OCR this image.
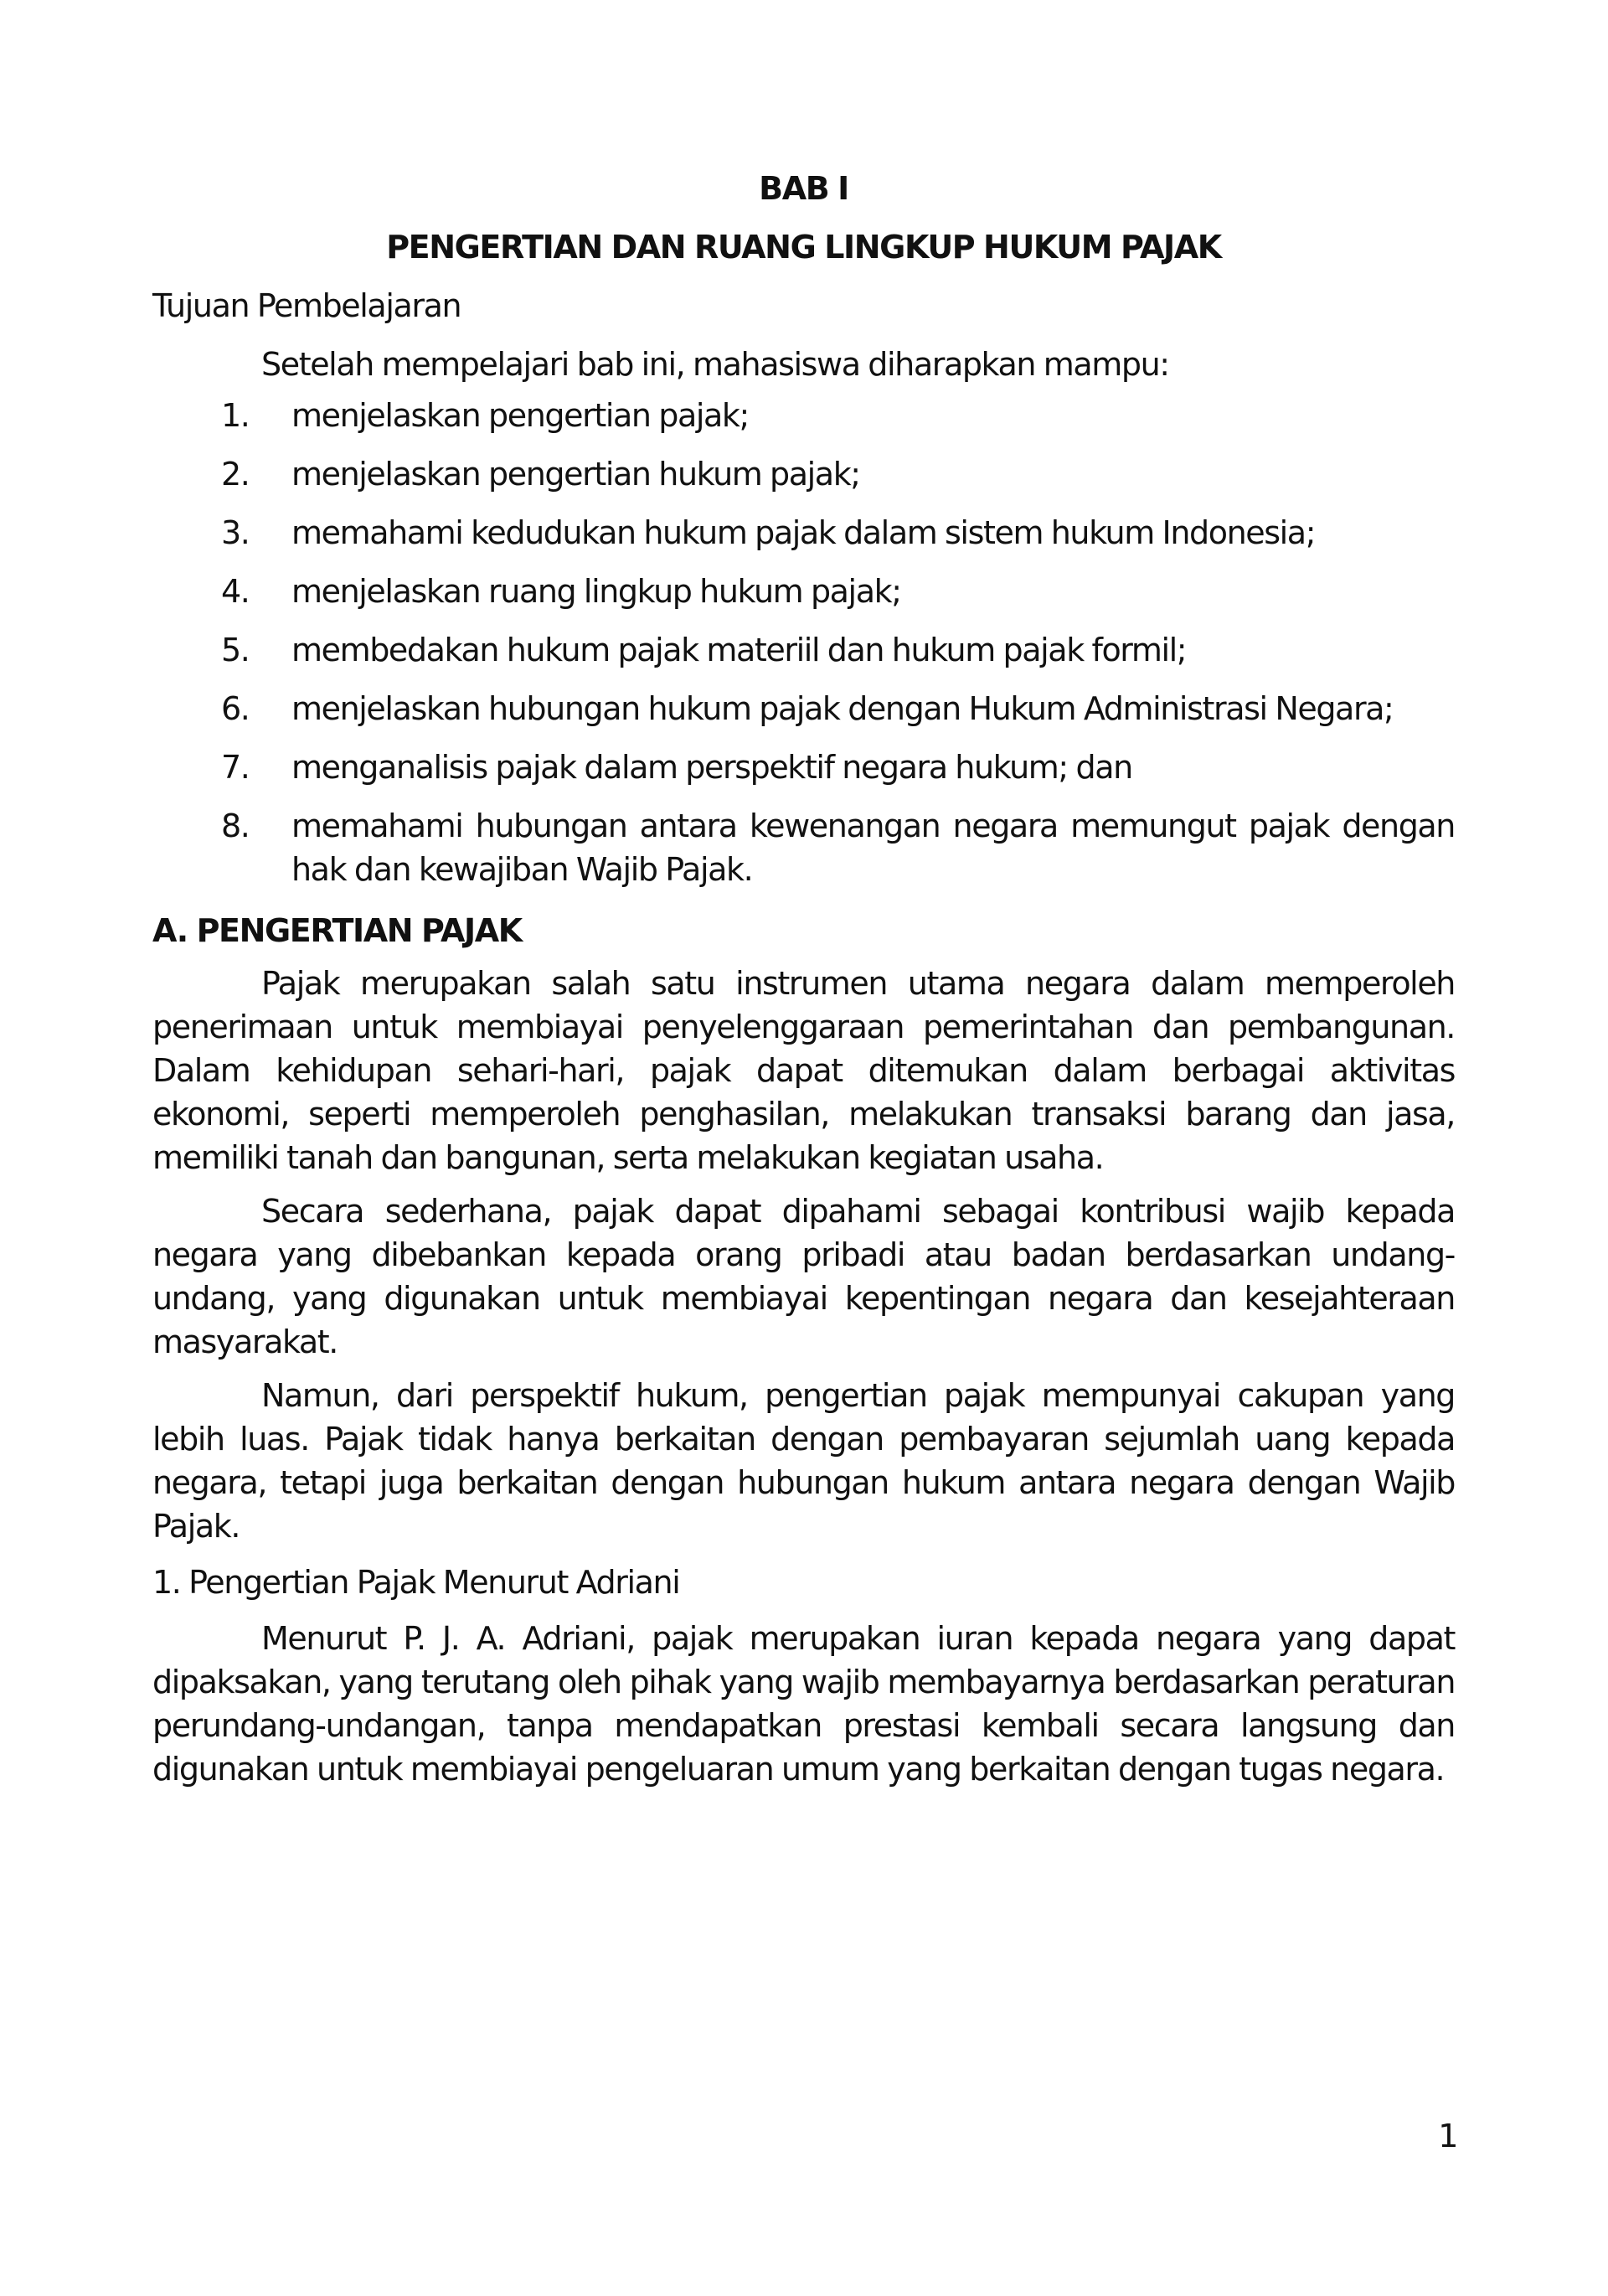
BAB I

PENGERTIAN DAN RUANG LINGKUP HUKUM PAJAK

Tujuan Pembelajaran

Setelah mempelajari bab ini, mahasiswa diharapkan mampu:

1. menjelaskan pengertian pajak;
2. menjelaskan pengertian hukum pajak;
3. memahami kedudukan hukum pajak dalam sistem hukum Indonesia;
4. menjelaskan ruang lingkup hukum pajak;
5. membedakan hukum pajak materiil dan hukum pajak formil;
6. menjelaskan hubungan hukum pajak dengan Hukum Administrasi Negara;
7. menganalisis pajak dalam perspektif negara hukum; dan
8. memahami hubungan antara kewenangan negara memungut pajak dengan hak dan kewajiban Wajib Pajak.
A. PENGERTIAN PAJAK

Pajak merupakan salah satu instrumen utama negara dalam memperoleh penerimaan untuk membiayai penyelenggaraan pemerintahan dan pembangunan. Dalam kehidupan sehari-hari, pajak dapat ditemukan dalam berbagai aktivitas ekonomi, seperti memperoleh penghasilan, melakukan transaksi barang dan jasa, memiliki tanah dan bangunan, serta melakukan kegiatan usaha.

Secara sederhana, pajak dapat dipahami sebagai kontribusi wajib kepada negara yang dibebankan kepada orang pribadi atau badan berdasarkan undang-undang, yang digunakan untuk membiayai kepentingan negara dan kesejahteraan masyarakat.

Namun, dari perspektif hukum, pengertian pajak mempunyai cakupan yang lebih luas. Pajak tidak hanya berkaitan dengan pembayaran sejumlah uang kepada negara, tetapi juga berkaitan dengan hubungan hukum antara negara dengan Wajib Pajak.

1. Pengertian Pajak Menurut Adriani

Menurut P. J. A. Adriani, pajak merupakan iuran kepada negara yang dapat dipaksakan, yang terutang oleh pihak yang wajib membayarnya berdasarkan peraturan perundang-undangan, tanpa mendapatkan prestasi kembali secara langsung dan digunakan untuk membiayai pengeluaran umum yang berkaitan dengan tugas negara.

1
